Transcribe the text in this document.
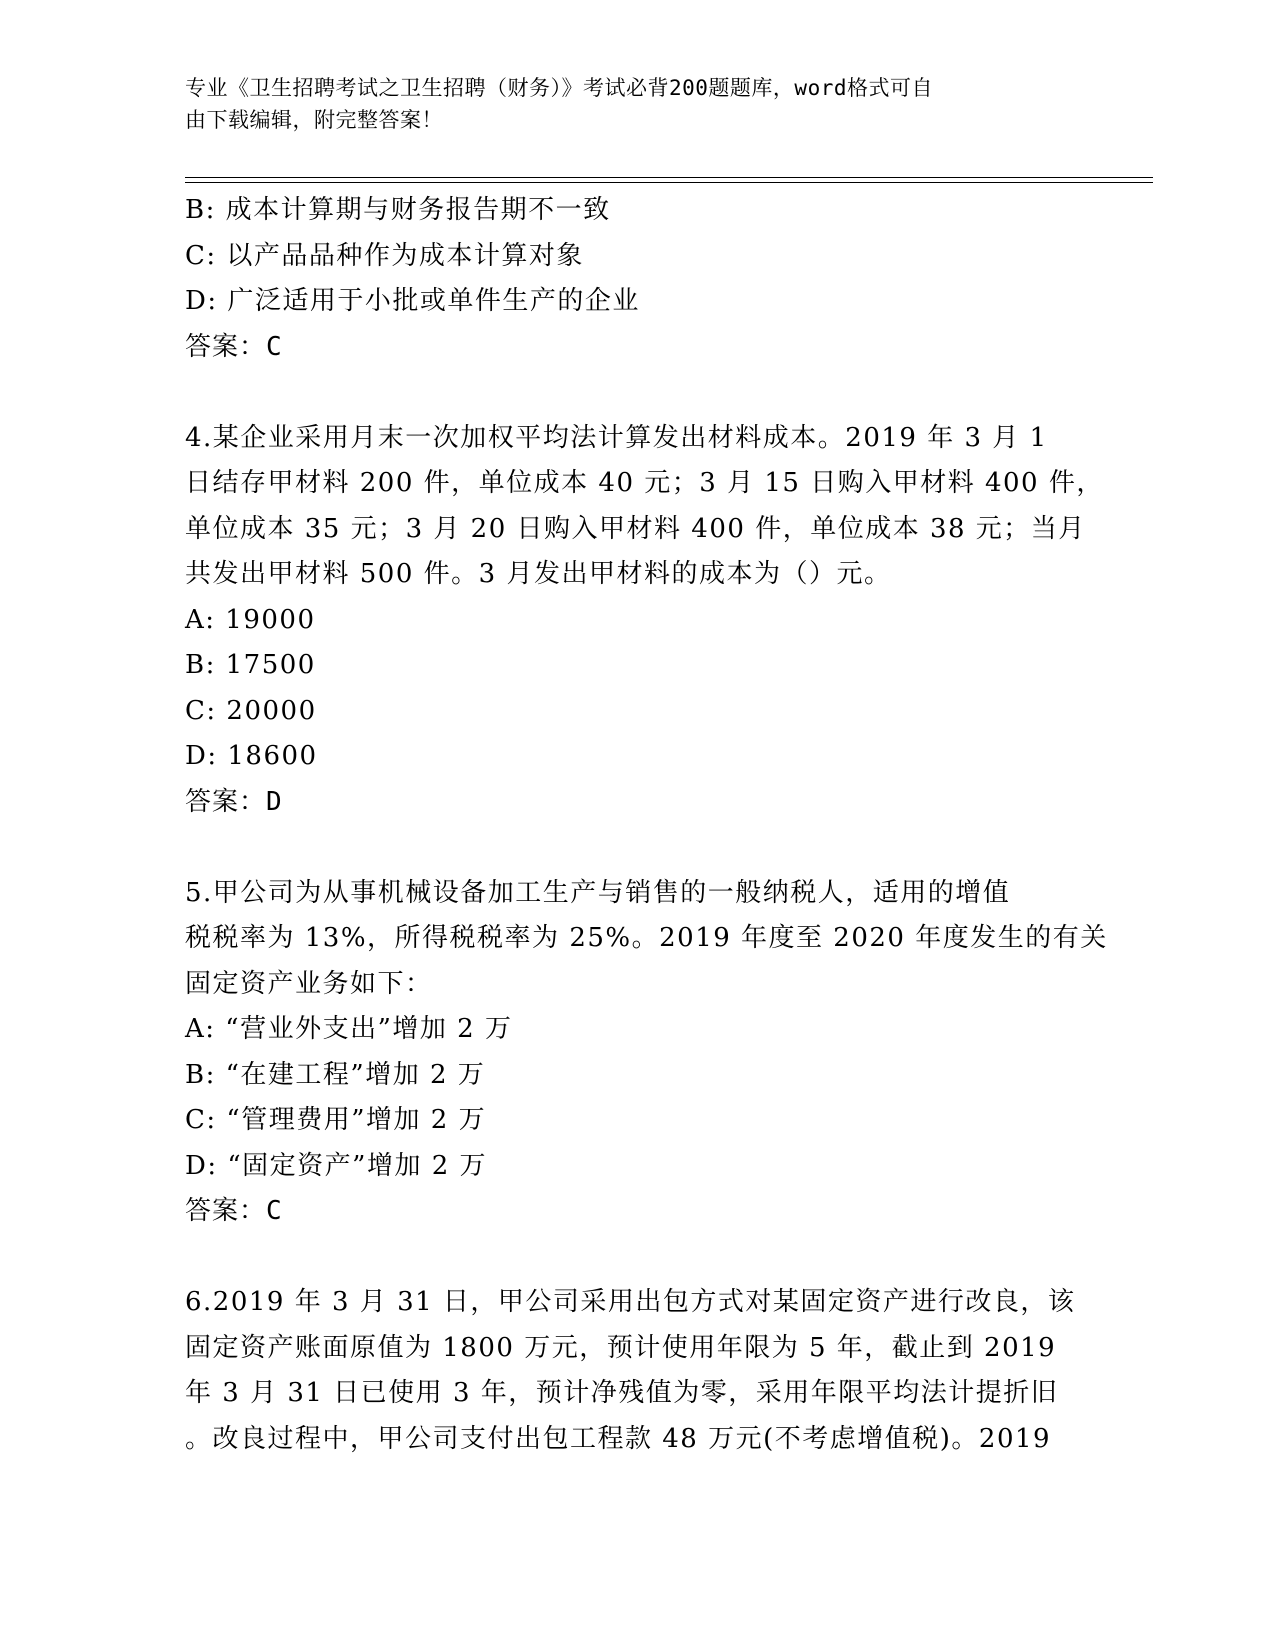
专业《卫生招聘考试之卫生招聘（财务）》考试必背200题题库，word格式可自
由下载编辑，附完整答案！
B: 成本计算期与财务报告期不一致
C: 以产品品种作为成本计算对象
D: 广泛适用于小批或单件生产的企业
答案：C
4.某企业采用月末一次加权平均法计算发出材料成本。2019 年 3 月 1
日结存甲材料 200 件，单位成本 40 元；3 月 15 日购入甲材料 400 件，
单位成本 35 元；3 月 20 日购入甲材料 400 件，单位成本 38 元；当月
共发出甲材料 500 件。3 月发出甲材料的成本为（）元。
A: 19000
B: 17500
C: 20000
D: 18600
答案：D
5.甲公司为从事机械设备加工生产与销售的一般纳税人，适用的增值
税税率为 13%，所得税税率为 25%。2019 年度至 2020 年度发生的有关
固定资产业务如下：
A: “营业外支出”增加 2 万
B: “在建工程”增加 2 万
C: “管理费用”增加 2 万
D: “固定资产”增加 2 万
答案：C
6.2019 年 3 月 31 日，甲公司采用出包方式对某固定资产进行改良，该
固定资产账面原值为 1800 万元，预计使用年限为 5 年，截止到 2019
年 3 月 31 日已使用 3 年，预计净残值为零，采用年限平均法计提折旧
。改良过程中，甲公司支付出包工程款 48 万元(不考虑增值税)。2019
